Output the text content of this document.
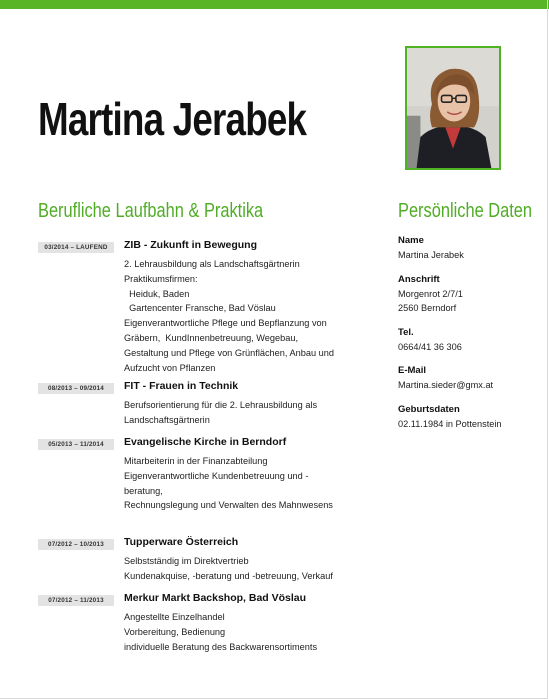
Martina Jerabek
Berufliche Laufbahn & Praktika	Persönliche Daten
03/2014 – LAUFEND	ZIB - Zukunft in Bewegung
2. Lehrausbildung als Landschaftsgärtnerin
Praktikumsfirmen:
Heiduk, Baden
Gartencenter Fransche, Bad Vöslau
Eigenverantwortliche Pflege und Bepflanzung von
Gräbern,  KundInnenbetreuung, Wegebau,
Gestaltung und Pflege von Grünflächen, Anbau und
Aufzucht von Pflanzen
08/2013 – 09/2014	FIT - Frauen in Technik
Berufsorientierung für die 2. Lehrausbildung als
Landschaftsgärtnerin
05/2013 – 11/2014	Evangelische Kirche in Berndorf
Mitarbeiterin in der Finanzabteilung
Eigenverantwortliche Kundenbetreuung und -
beratung,
Rechnungslegung und Verwalten des Mahnwesens
07/2012 – 10/2013	Tupperware Österreich
Selbstständig im Direktvertrieb
Kundenakquise, -beratung und -betreuung, Verkauf
07/2012 – 11/2013	Merkur Markt Backshop, Bad Vöslau
Angestellte Einzelhandel
Vorbereitung, Bedienung
individuelle Beratung des Backwarensortiments
Name
Martina Jerabek
Anschrift
Morgenrot 2/7/1
2560 Berndorf
Tel.
0664/41 36 306
E-Mail
Martina.sieder@gmx.at
Geburtsdaten
02.11.1984 in Pottenstein
